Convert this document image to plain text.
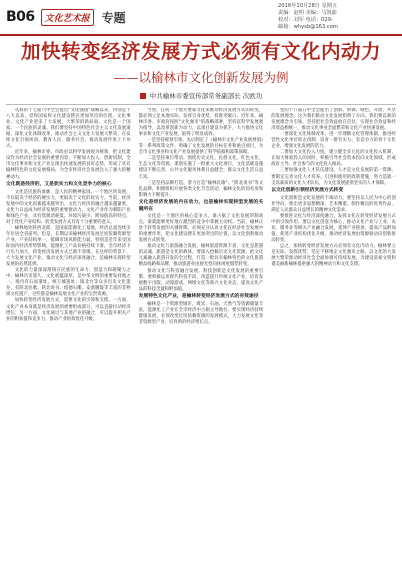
B06	文化艺术报	专题
2016年10月28日 星期五
责编：赵明 美编：马凯茹
校对：刘军 电话：029-
邮箱：whysb@163.com
加快转变经济发展方式必须有文化内动力
——以榆林市文化创新发展为例
中共榆林市委宣传部常务副部长 次欧功

从我的十七届六中全会提出"文化强国"战略以来，特别是十八大以来，党和国家将文化建设摆在更加突出的位置，文化事业、文化产业迎来了大发展、大繁荣的新局面。文化是一个国家、一个民族的灵魂。我们要坚持中国特色社会主义文化发展道路，深化文化体制改革，推动社会主义文化大发展大繁荣，在发挥文化引领风尚、教育人民、服务社会、推动发展作用上下功夫。

近年来，榆林市委、市政府以科学发展观为统领，把文化建设作为经济社会发展的重要内容，不断加大投入，创新机制，全市文化事业和文化产业呈现出快速发展的良好态势，形成了具有榆林特色的文化发展格局，为全市经济社会发展注入了强大的精神动力。

文化既是经济的，又是软实力和文化竞争力的核心

文化是民族的血脉，是人民的精神家园。一个地区的发展，不仅取决于经济的硬实力，更取决于文化的软实力。当前，经济发展中的文化因素越来越突出，文化与经济的融合越来越紧密，文化力日益成为经济发展的重要推动力。文化产业作为朝阳产业和绿色产业，具有资源消耗低、环境污染少、附加值高的特点，对于优化产业结构、转变发展方式具有十分重要的意义。

榆林地处陕西北部，是国家能源化工基地，经济总量连续多年位居全省前列。但是，长期以来榆林经济发展过度依赖资源型产业，产业结构单一，抵御市场风险能力弱。特别是近年来受国际国内经济形势影响，能源化工产品价格持续下滑，全市经济下行压力加大，转变经济发展方式已刻不容缓。在这样的背景下，大力发展文化产业，推动文化与经济深度融合，是榆林实现转型发展的必然选择。

文化的力量深深熔铸在民族的生命力、创造力和凝聚力之中。榆林历史悠久，文化底蕴深厚，是中华文明的重要发祥地之一。境内有石峁遗址、统万城遗址、镇北台等众多历史文化遗存，有陕北民歌、陕北说书、绥德石雕、安塞腰鼓等丰富的非物质文化遗产，这些都是榆林发展文化产业的宝贵资源。

加快转变经济发展方式，需要文化的引领和支撑。一方面，文化产业本身就是经济发展的重要组成部分，可以直接拉动经济增长；另一方面，文化通过与其他产业的融合，可以提升相关产业的附加值和竞争力，推动产业结构优化升级。

当然，任何一个地方要靠文化来推动经济发展方式的转变，都必须立足本地实际，发挥自身优势，找准突破口。近年来，榆林市委、市政府按照"文化强市"的战略部署，坚持以科学发展观为指导，以改革创新为动力，以项目建设为抓手，大力推进文化事业和文化产业发展，取得了明显成效。

一是坚持规划引领。先后制定了《榆林市文化产业发展规划》等一系列政策文件，明确了文化发展的目标任务和重点项目，为全市文化事业和文化产业发展提供了科学依据和政策保障。

二是坚持项目带动。围绕历史文化、民俗文化、红色文化、生态文化等资源，谋划实施了一批重大文化项目，文化基础设施建设不断完善，公共文化服务体系日益健全，群众文化生活日益丰富。

三是坚持品牌打造。着力打造"榆林民歌"、"陕北说书"等文化品牌，积极组织开展各类文化节会活动，榆林文化的知名度和影响力不断提升。

文化是经济发展的内在动力，也是榆林实现转型发展的关键所在

文化是一个地区的核心竞争力。谁占据了文化发展的制高点，谁就能够更好地在激烈的竞争中掌握主动权。当前，榆林正处于转型发展的关键时期，必须充分认识文化在经济社会发展中的重要作用，把文化建设摆在更加突出的位置，以文化创新推动发展方式转变。

推动文化与旅游融合发展。榆林旅游资源丰富，文化是旅游的灵魂，旅游是文化的载体。要深入挖掘历史文化资源，把文化元素融入旅游开发的全过程，打造一批具有榆林特色的文化旅游精品线路和品牌，推动旅游业由观光型向休闲度假型转变。

推动文化与科技融合发展。科技创新是文化发展的重要引擎。要积极运用现代科技手段，改造提升传统文化产业，培育发展数字出版、动漫游戏、网络文化等新兴文化业态，提高文化产品的科技含量和附加值。

发展特色文化产业，是榆林转变经济发展方式的有效途径

榆林是一个资源型城市，煤炭、石油、天然气等资源储量丰富，能源化工产业在全市经济中占据主导地位。要实现经济持续健康发展，必须改变过度依赖资源的发展模式，大力发展文化等非资源型产业，培育新的经济增长点。

党的十八届五中全会提出了创新、协调、绿色、开放、共享的发展理念。这为我们推动文化发展指明了方向。我们要以新的发展理念为引领，坚持把社会效益放在首位，实现社会效益和经济效益相统一，推动文化事业全面繁荣和文化产业快速发展。

一要深化文化体制改革。进一步理顺文化管理体制，推进经营性文化单位转企改制，培育一批有实力、有竞争力的骨干文化企业，增强文化发展的活力。

二要加大文化投入力度。建立健全多元化的文化投入机制，在加大财政投入的同时，积极引导社会资本投向文化领域，形成政府主导、社会参与的文化投入格局。

三要加强文化人才队伍建设。人才是文化发展的第一资源。要制定完善文化人才培养、引进和使用的政策措施，努力造就一支高素质的文化人才队伍，为文化发展提供坚实的人才保障。

以文化创新引领经济发展方式转变

文化创新是文化发展的不竭动力。要坚持以人民为中心的创作导向，推出更多思想精深、艺术精湛、制作精良的优秀作品，满足人民群众日益增长的精神文化需求。

要推进文化与经济深度融合，发挥文化在转变经济发展方式中的引领作用。要以文化创意为核心，推动文化产业与工业、农业、服务业等相关产业融合发展，延伸产业链条，提高产品附加值，促进产业结构优化升级，推动经济发展由资源驱动向创新驱动转变。

总之，加快转变经济发展方式必须有文化内动力。榆林要立足实际，发挥优势，坚定不移地走文化强市之路，以文化的大发展大繁荣推动经济社会全面协调可持续发展，为建设富裕文明和谐美丽新榆林提供强大的精神动力和文化支撑。
